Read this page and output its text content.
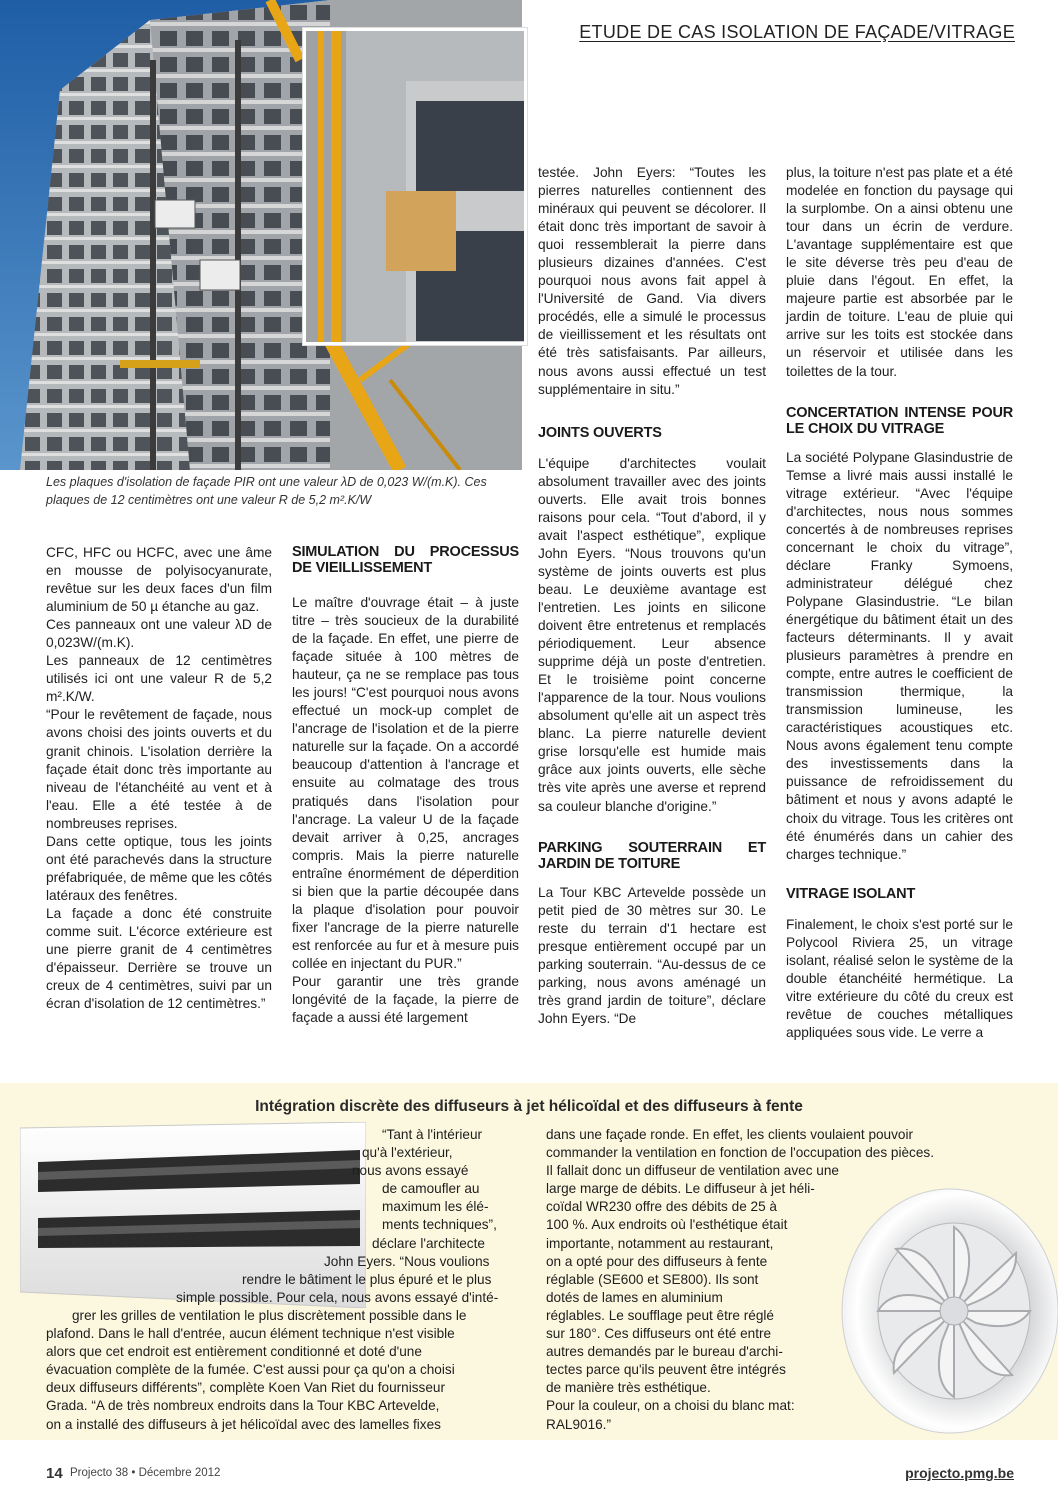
ETUDE DE CAS ISOLATION DE FAÇADE/VITRAGE
Les plaques d'isolation de façade PIR ont une valeur λD de 0,023 W/(m.K). Ces plaques de 12 centimètres ont une valeur R de 5,2 m².K/W

CFC, HFC ou HCFC, avec une âme en mousse de polyisocyanurate, revêtue sur les deux faces d'un film aluminium de 50 µ étanche au gaz.

Ces panneaux ont une valeur λD de 0,023W/(m.K).

Les panneaux de 12 centimètres utilisés ici ont une valeur R de 5,2 m².K/W.

“Pour le revêtement de façade, nous avons choisi des joints ouverts et du granit chinois. L'isolation derrière la façade était donc très importante au niveau de l'étanchéité au vent et à l'eau. Elle a été testée à de nombreuses reprises.

Dans cette optique, tous les joints ont été parachevés dans la structure préfabriquée, de même que les côtés latéraux des fenêtres.

La façade a donc été construite comme suit. L'écorce extérieure est une pierre granit de 4 centimètres d'épaisseur. Derrière se trouve un creux de 4 centimètres, suivi par un écran d'isolation de 12 centimètres.”

SIMULATION DU PROCESSUS DE VIEILLISSEMENT

Le maître d'ouvrage était – à juste titre – très soucieux de la durabilité de la façade. En effet, une pierre de façade située à 100 mètres de hauteur, ça ne se remplace pas tous les jours! “C'est pourquoi nous avons effectué un mock-up complet de l'ancrage de l'isolation et de la pierre naturelle sur la façade. On a accordé beaucoup d'attention à l'ancrage et ensuite au colmatage des trous pratiqués dans l'isolation pour l'ancrage. La valeur U de la façade devait arriver à 0,25, ancrages compris. Mais la pierre naturelle entraîne énormément de déperdition si bien que la partie découpée dans la plaque d'isolation pour pouvoir fixer l'ancrage de la pierre naturelle est renforcée au fur et à mesure puis collée en injectant du PUR.”

Pour garantir une très grande longévité de la façade, la pierre de façade a aussi été largement

testée. John Eyers: “Toutes les pierres naturelles contiennent des minéraux qui peuvent se décolorer. Il était donc très important de savoir à quoi ressemblerait la pierre dans plusieurs dizaines d'années. C'est pourquoi nous avons fait appel à l'Université de Gand. Via divers procédés, elle a simulé le processus de vieillissement et les résultats ont été très satisfaisants. Par ailleurs, nous avons aussi effectué un test supplémentaire in situ.”

JOINTS OUVERTS

L'équipe d'architectes voulait absolument travailler avec des joints ouverts. Elle avait trois bonnes raisons pour cela. “Tout d'abord, il y avait l'aspect esthétique”, explique John Eyers. “Nous trouvons qu'un système de joints ouverts est plus beau. Le deuxième avantage est l'entretien. Les joints en silicone doivent être entretenus et remplacés périodiquement. Leur absence supprime déjà un poste d'entretien. Et le troisième point concerne l'apparence de la tour. Nous voulions absolument qu'elle ait un aspect très blanc. La pierre naturelle devient grise lorsqu'elle est humide mais grâce aux joints ouverts, elle sèche très vite après une averse et reprend sa couleur blanche d'origine.”

PARKING SOUTERRAIN ET JARDIN DE TOITURE

La Tour KBC Artevelde possède un petit pied de 30 mètres sur 30. Le reste du terrain d'1 hectare est presque entièrement occupé par un parking souterrain. “Au-dessus de ce parking, nous avons aménagé un très grand jardin de toiture”, déclare John Eyers. “De

plus, la toiture n'est pas plate et a été modelée en fonction du paysage qui la surplombe. On a ainsi obtenu une tour dans un écrin de verdure. L'avantage supplémentaire est que le site déverse très peu d'eau de pluie dans l'égout. En effet, la majeure partie est absorbée par le jardin de toiture. L'eau de pluie qui arrive sur les toits est stockée dans un réservoir et utilisée dans les toilettes de la tour.

CONCERTATION INTENSE POUR LE CHOIX DU VITRAGE

La société Polypane Glasindustrie de Temse a livré mais aussi installé le vitrage extérieur. “Avec l'équipe d'architectes, nous nous sommes concertés à de nombreuses reprises concernant le choix du vitrage”, déclare Franky Symoens, administrateur délégué chez Polypane Glasindustrie. “Le bilan énergétique du bâtiment était un des facteurs déterminants. Il y avait plusieurs paramètres à prendre en compte, entre autres le coefficient de transmission thermique, la transmission lumineuse, les caractéristiques acoustiques etc. Nous avons également tenu compte des investissements dans la puissance de refroidissement du bâtiment et nous y avons adapté le choix du vitrage. Tous les critères ont été énumérés dans un cahier des charges technique.”

VITRAGE ISOLANT

Finalement, le choix s'est porté sur le Polycool Riviera 25, un vitrage isolant, réalisé selon le système de la double étanchéité hermétique. La vitre extérieure du côté du creux est revêtue de couches métalliques appliquées sous vide. Le verre a

Intégration discrète des diffuseurs à jet hélicoïdal et des diffuseurs à fente
“Tant à l'intérieur
qu'à l'extérieur,
nous avons essayé
de camoufler au
maximum les élé-
ments techniques”,
déclare l'architecte
John Eyers. “Nous voulions
rendre le bâtiment le plus épuré et le plus
simple possible. Pour cela, nous avons essayé d'inté-
grer les grilles de ventilation le plus discrètement possible dans le
plafond. Dans le hall d'entrée, aucun élément technique n'est visible
alors que cet endroit est entièrement conditionné et doté d'une
évacuation complète de la fumée. C'est aussi pour ça qu'on a choisi
deux diffuseurs différents”, complète Koen Van Riet du fournisseur
Grada. “A de très nombreux endroits dans la Tour KBC Artevelde,
on a installé des diffuseurs à jet hélicoïdal avec des lamelles fixes
dans une façade ronde. En effet, les clients voulaient pouvoir
commander la ventilation en fonction de l'occupation des pièces.
Il fallait donc un diffuseur de ventilation avec une
large marge de débits. Le diffuseur à jet héli-
coïdal WR230 offre des débits de 25 à
100 %. Aux endroits où l'esthétique était
importante, notamment au restaurant,
on a opté pour des diffuseurs à fente
réglable (SE600 et SE800). Ils sont
dotés de lames en aluminium
réglables. Le soufflage peut être réglé
sur 180°. Ces diffuseurs ont été entre
autres demandés par le bureau d'archi-
tectes parce qu'ils peuvent être intégrés
de manière très esthétique.
Pour la couleur, on a choisi du blanc mat:
RAL9016.”
14 Projecto 38 • Décembre 2012	projecto.pmg.be
